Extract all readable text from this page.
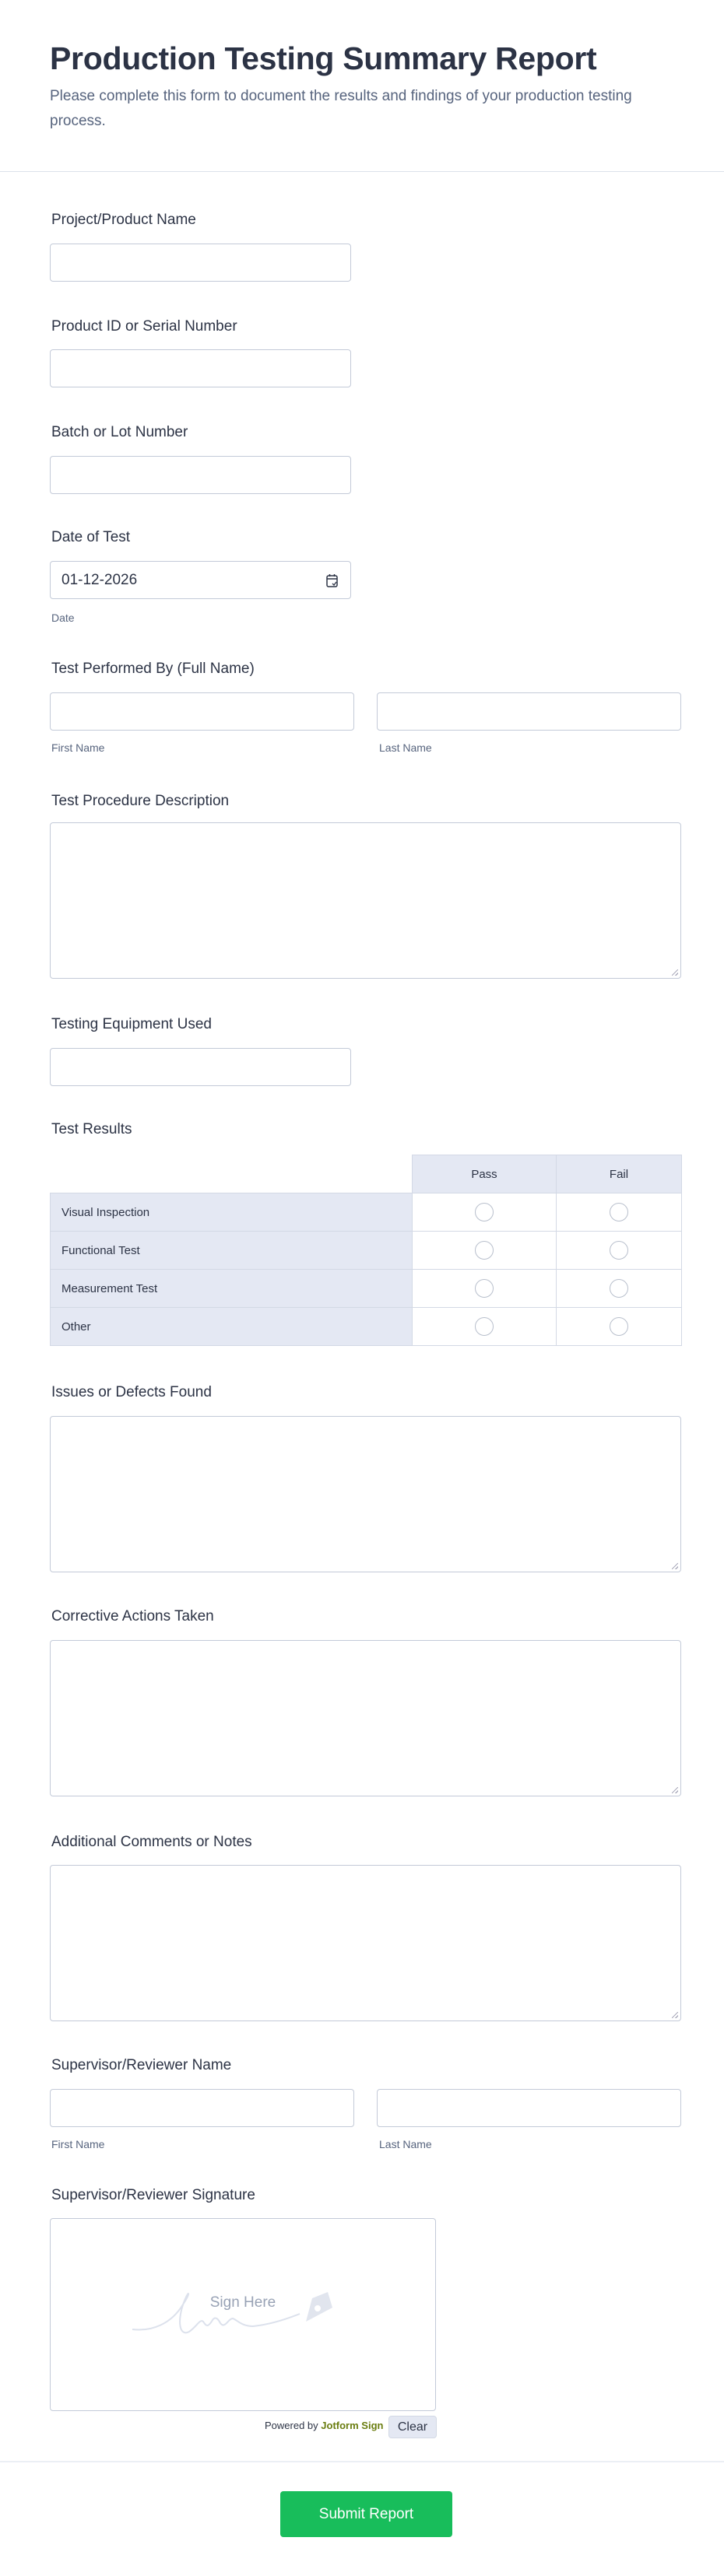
Production Testing Summary Report

Please complete this form to document the results and findings of your production testing process.

Project/Product Name
Product ID or Serial Number
Batch or Lot Number
Date of Test
01-12-2026
Date
Test Performed By (Full Name)
First Name	Last Name
Test Procedure Description
Testing Equipment Used
Test Results
	Pass	Fail
Visual Inspection		
Functional Test		
Measurement Test		
Other		
Issues or Defects Found
Corrective Actions Taken
Additional Comments or Notes
Supervisor/Reviewer Name
First Name	Last Name
Supervisor/Reviewer Signature
Sign Here
Powered by Jotform Sign	Clear
Submit Report
